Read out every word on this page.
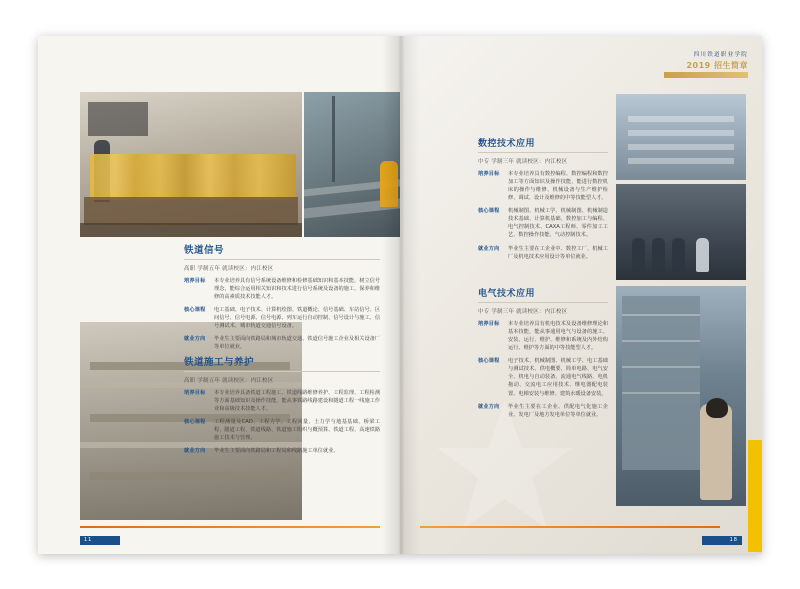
铁道信号
高职 学制五年 就读校区：内江校区
培养目标	本专业培养具有信号系统设备维修和检修基础知识和基本技能，树立信号理念，能综合运用相关知识和技术进行信号系统及设备的施工、保养和维修的高素质技术技能人才。
核心课程	电工基础、电子技术、计算机绘图、铁道概论、信号基础、车站信号、区间信号、信号电源、信号电源、列车运行自动控制、信号设计与施工、信号测试术、城市轨道交通信号设备。
就业方向	毕业生主要面向铁路局和城市轨道交通、铁道信号施工企业及相关设备厂等单位就业。
铁道施工与养护
高职 学制五年 就读校区：内江校区
培养目标	本专业培养具备铁道工程施工、铁道线路维修养护、工程监理、工程检测等方面基础知识及操作技能，能从事铁路线路建设和隧道工程一线施工作业和高级技术技能人才。
核心课程	工程测量及CAD、工程力学、工程回量、土力学与地基基础、桥梁工程、隧道工程、铁道线路、铁道施工组织与概预算、铁道工程、高速铁路施工技术与管理。
就业方向	毕业生主要面向铁路局和工程局和线路施工单位就业。
11
四川铁道职业学院
2019 招生简章
数控技术应用
中专 学制三年 就读校区：内江校区
培养目标	本专业培养具有数控编程、数控编程和数控加工等方面知识及操作技能，能进行数控机床的操作与维修、机械设备与生产维护检修、调试、设计及维修的中等技能型人才。
核心课程	机械制图、机械工学、机械制图、机械制造技术基础、计算机基础、数控加工与编程、电气控制技术、CAXA工程师、零件加工工艺、数控操作技能、气动控制技术。
就业方向	毕业生主要在工企业中、数控工厂、机械工厂及机电技术应用设计等单位就业。
电气技术应用
中专 学制三年 就读校区：内江校区
培养目标	本专业培养具有机电技术及设备维修理论和基本技能，能从事通用电气与设备的施工、安装、运行、维护、维修和系统及内外结构运行、维护等方面的中等技能型人才。
核心课程	电子技术、机械制图、机械工学、电工基础与测试技术、供电概要、简单电路、电气安全、机电与自动装备、流通电气线路、电机拖动、交流电工应用技术、继电器配电装置、电梯安装与维修、建筑水暖设备安装。
就业方向	毕业生主要在工企业、供配电气化施工企业、发电厂及地方发电单位等单位就业。
18
